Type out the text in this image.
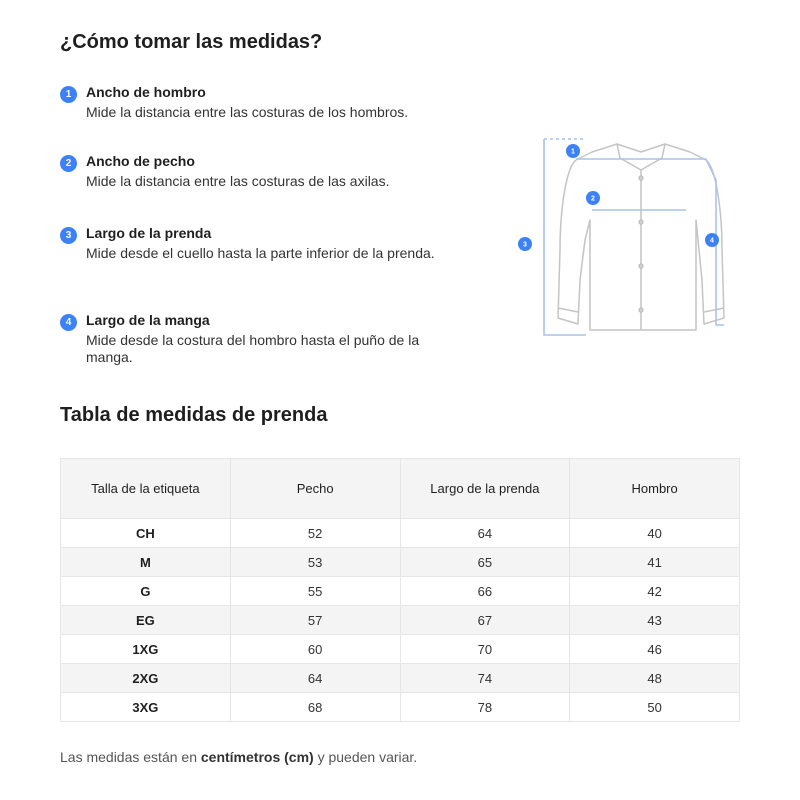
¿Cómo tomar las medidas?
1	Ancho de hombro
Mide la distancia entre las costuras de los hombros.
2	Ancho de pecho
Mide la distancia entre las costuras de las axilas.
3	Largo de la prenda
Mide desde el cuello hasta la parte inferior de la prenda.
4	Largo de la manga
Mide desde la costura del hombro hasta el puño de la manga.
1
2
3
4
Tabla de medidas de prenda
Talla de la etiqueta	Pecho	Largo de la prenda	Hombro
CH	52	64	40
M	53	65	41
G	55	66	42
EG	57	67	43
1XG	60	70	46
2XG	64	74	48
3XG	68	78	50
Las medidas están en centímetros (cm) y pueden variar.
